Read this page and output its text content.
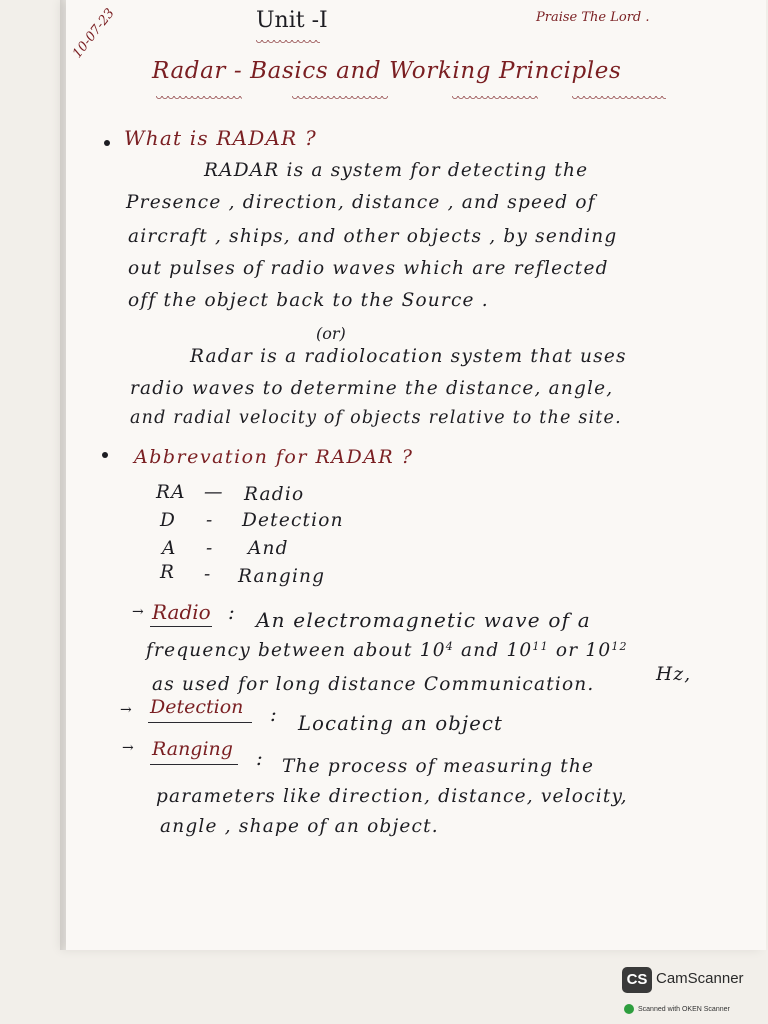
10-07-23	Unit -I	Praise The Lord .
Radar - Basics and Working Principles
What is RADAR ?
RADAR is a system for detecting the
Presence , direction, distance , and speed of
aircraft , ships, and other objects , by sending
out pulses of radio waves which are reflected
off the object back to the Source .
(or)
Radar is a radiolocation system that uses
radio waves to determine the distance, angle,
and radial velocity of objects relative to the site.
Abbrevation for RADAR ?
RA — Radio
D - Detection
A - And
R - Ranging
→ Radio : An electromagnetic wave of a
frequency between about $10^4$ and $10^{11}$ or $10^{12}$
Hz,
as used for long distance Communication.
→ Detection : Locating an object
→ Ranging : The process of measuring the
parameters like direction, distance, velocity,
angle , shape of an object.
CS CamScanner
Scanned with OKEN Scanner
